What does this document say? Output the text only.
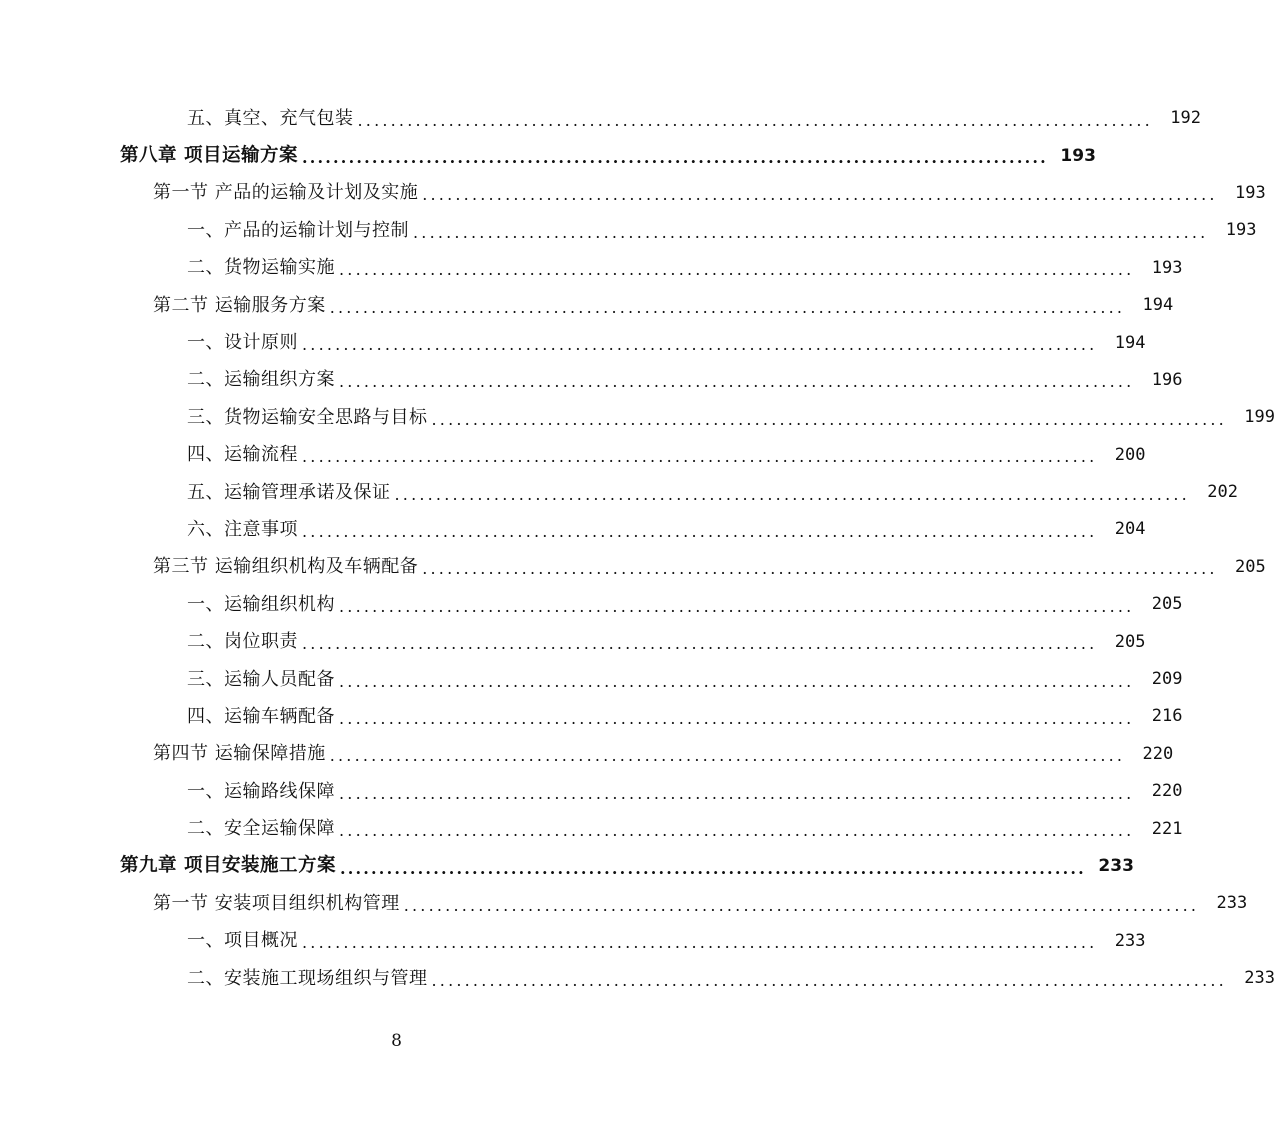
五、真空、充气包装 ................................................................................................	192
第八章 项目运输方案 ................................................................................................ 193
第一节 产品的运输及计划及实施 ................................................................................................	193
一、产品的运输计划与控制 ................................................................................................	193
二、货物运输实施 ................................................................................................	193
第二节 运输服务方案 ................................................................................................	194
一、设计原则 ................................................................................................	194
二、运输组织方案 ................................................................................................	196
三、货物运输安全思路与目标 ................................................................................................	199
四、运输流程 ................................................................................................	200
五、运输管理承诺及保证 ................................................................................................	202
六、注意事项 ................................................................................................	204
第三节 运输组织机构及车辆配备 ................................................................................................	205
一、运输组织机构 ................................................................................................	205
二、岗位职责 ................................................................................................	205
三、运输人员配备 ................................................................................................	209
四、运输车辆配备 ................................................................................................	216
第四节 运输保障措施 ................................................................................................	220
一、运输路线保障 ................................................................................................	220
二、安全运输保障 ................................................................................................	221
第九章 项目安装施工方案 ................................................................................................ 233
第一节 安装项目组织机构管理 ................................................................................................	233
一、项目概况 ................................................................................................	233
二、安装施工现场组织与管理 ................................................................................................	233
8
